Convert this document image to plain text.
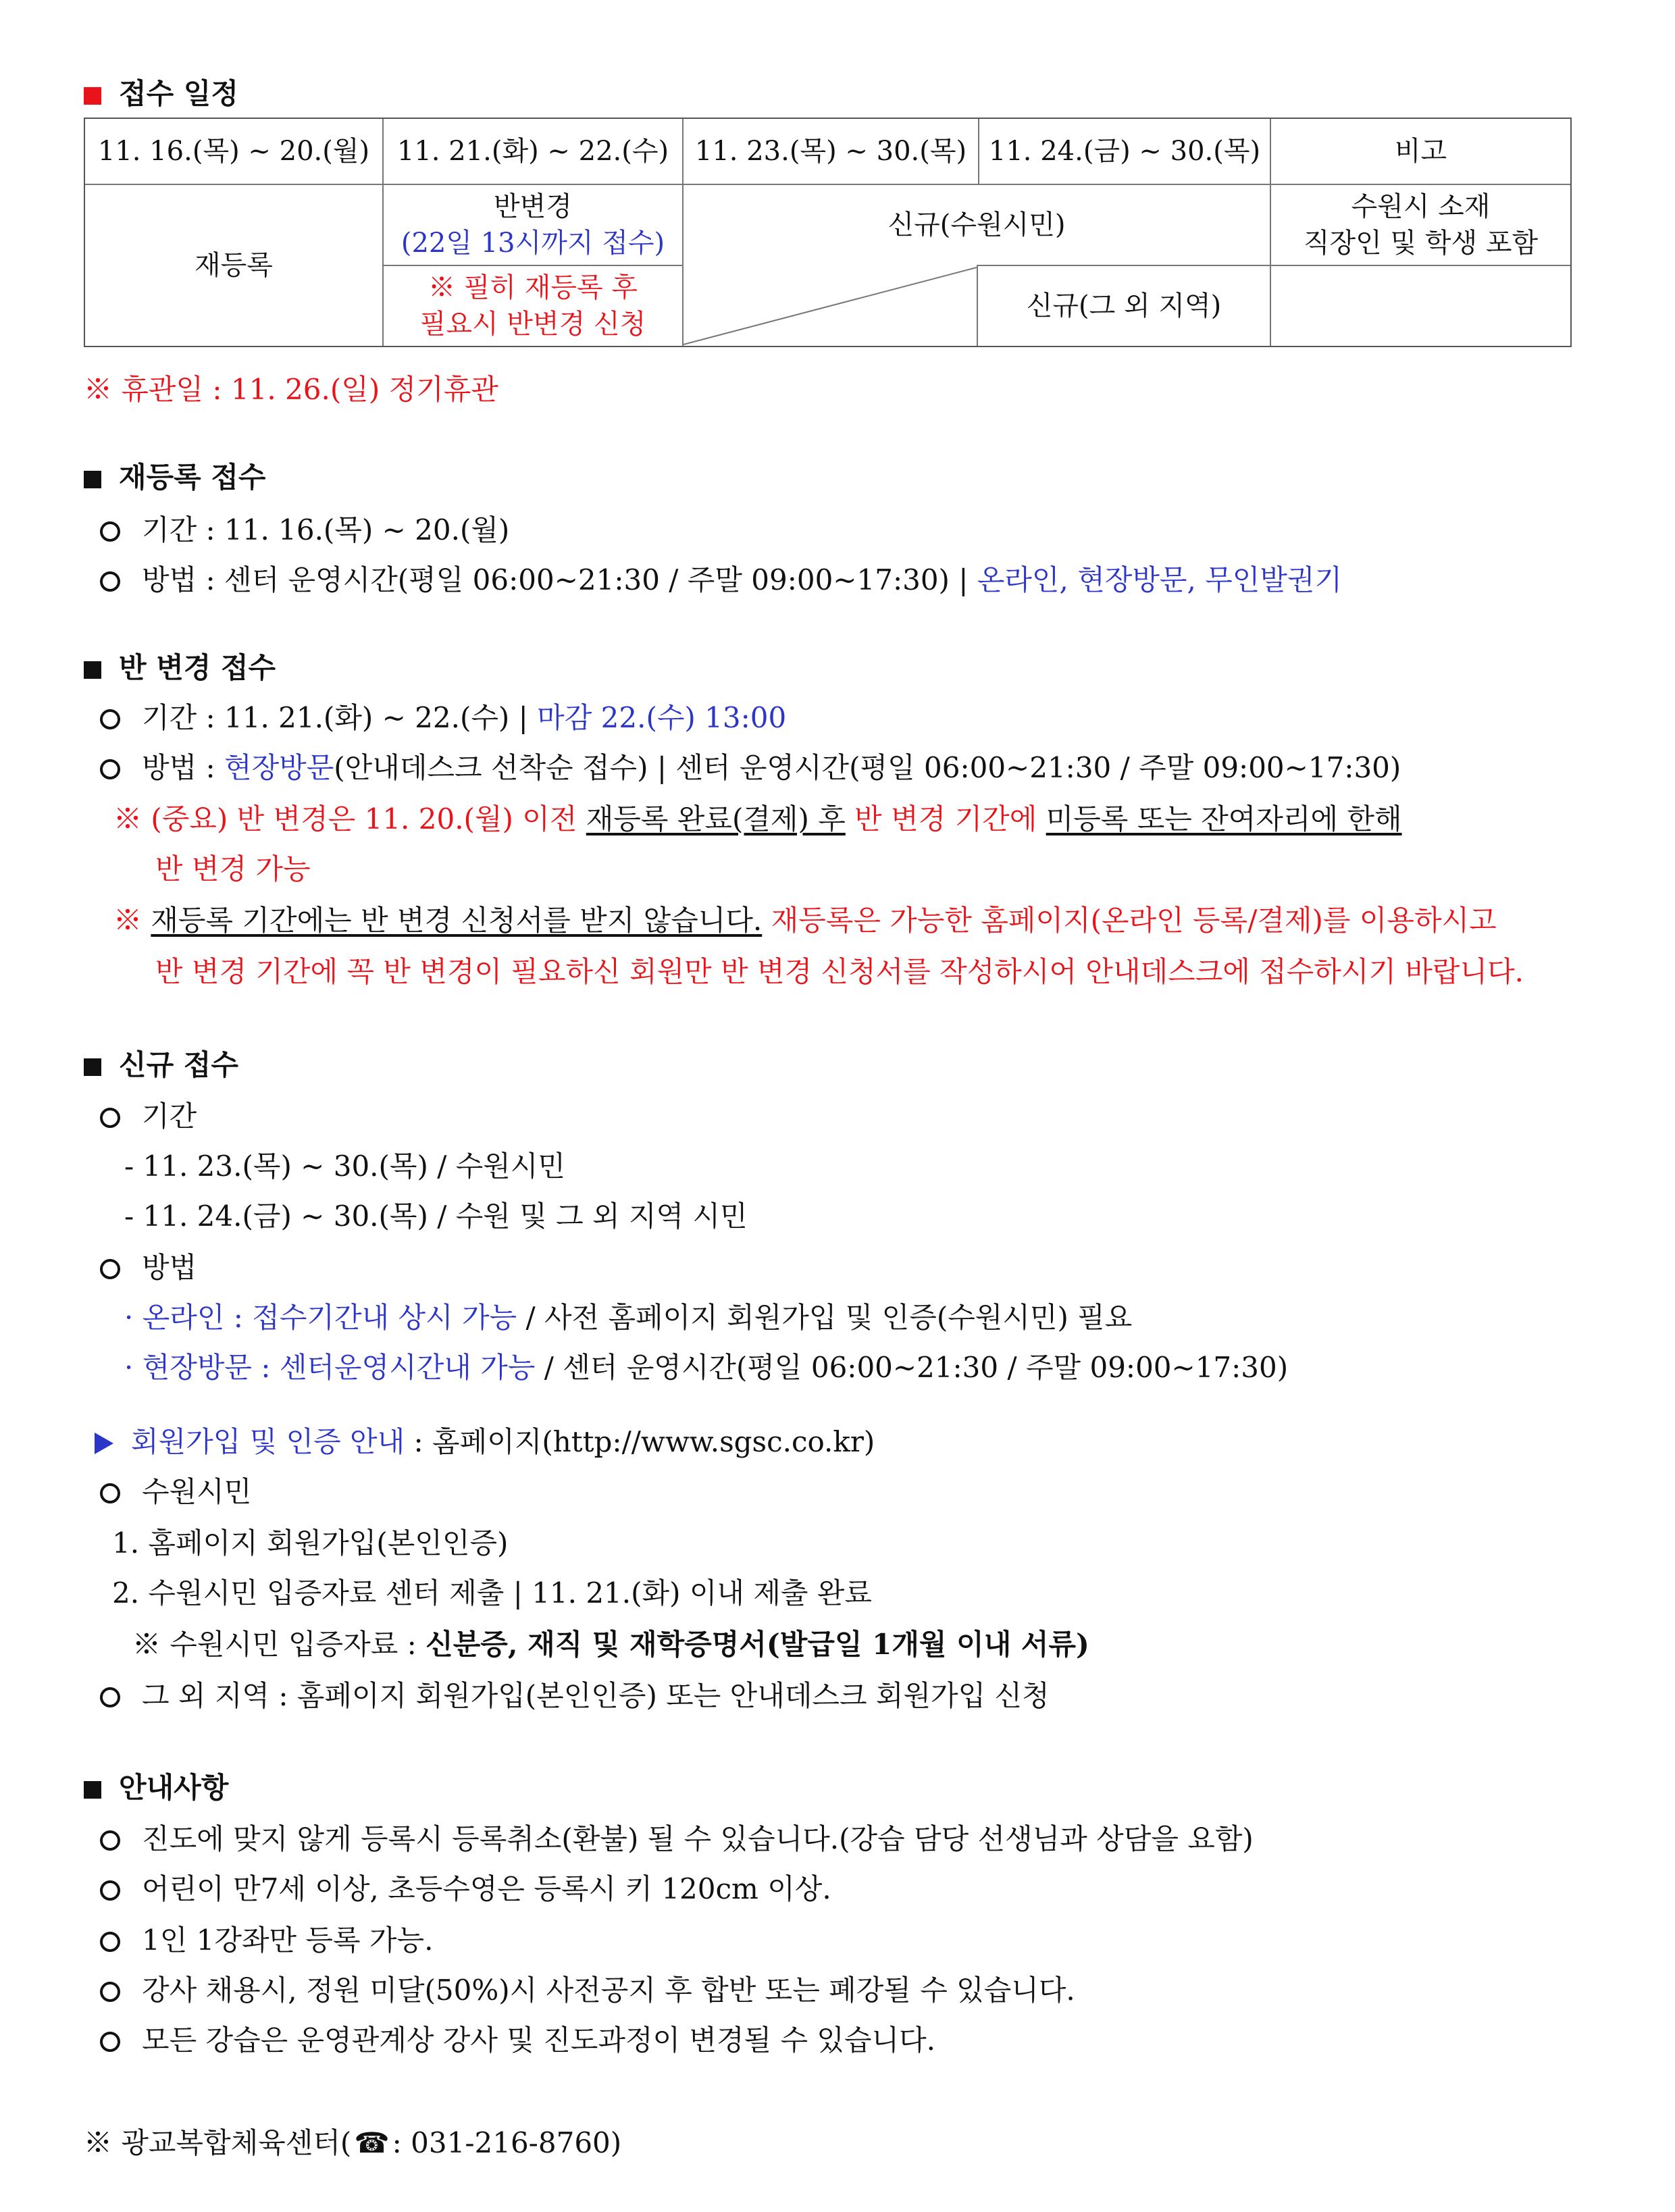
접수 일정
11. 16.(목) ~ 20.(월)	11. 21.(화) ~ 22.(수) 11. 23.(목) ~ 30.(목) 11. 24.(금) ~ 30.(목)	비고
재등록
반변경
(22일 13시까지 접수)
※ 필히 재등록 후
필요시 반변경 신청
신규(수원시민)
신규(그 외 지역)
수원시 소재
직장인 및 학생 포함
※ 휴관일 : 11. 26.(일) 정기휴관
재등록 접수
기간 : 11. 16.(목) ~ 20.(월)
방법 : 센터 운영시간(평일 06:00~21:30 / 주말 09:00~17:30) | 온라인, 현장방문, 무인발권기
반 변경 접수
기간 : 11. 21.(화) ~ 22.(수) | 마감 22.(수) 13:00
방법 : 현장방문(안내데스크 선착순 접수) | 센터 운영시간(평일 06:00~21:30 / 주말 09:00~17:30)
※ (중요) 반 변경은 11. 20.(월) 이전 재등록 완료(결제) 후 반 변경 기간에 미등록 또는 잔여자리에 한해
반 변경 가능
※ 재등록 기간에는 반 변경 신청서를 받지 않습니다. 재등록은 가능한 홈페이지(온라인 등록/결제)를 이용하시고
반 변경 기간에 꼭 반 변경이 필요하신 회원만 반 변경 신청서를 작성하시어 안내데스크에 접수하시기 바랍니다.
신규 접수
기간
- 11. 23.(목) ~ 30.(목) / 수원시민
- 11. 24.(금) ~ 30.(목) / 수원 및 그 외 지역 시민
방법
· 온라인 : 접수기간내 상시 가능 / 사전 홈페이지 회원가입 및 인증(수원시민) 필요
· 현장방문 : 센터운영시간내 가능 / 센터 운영시간(평일 06:00~21:30 / 주말 09:00~17:30)
회원가입 및 인증 안내 : 홈페이지(http://www.sgsc.co.kr)
수원시민
1. 홈페이지 회원가입(본인인증)
2. 수원시민 입증자료 센터 제출 | 11. 21.(화) 이내 제출 완료
※ 수원시민 입증자료 : 신분증, 재직 및 재학증명서(발급일 1개월 이내 서류)
그 외 지역 : 홈페이지 회원가입(본인인증) 또는 안내데스크 회원가입 신청
안내사항
진도에 맞지 않게 등록시 등록취소(환불) 될 수 있습니다.(강습 담당 선생님과 상담을 요함)
어린이 만7세 이상, 초등수영은 등록시 키 120cm 이상.
1인 1강좌만 등록 가능.
강사 채용시, 정원 미달(50%)시 사전공지 후 합반 또는 폐강될 수 있습니다.
모든 강습은 운영관계상 강사 및 진도과정이 변경될 수 있습니다.
※ 광교복합체육센터(☎: 031-216-8760)
